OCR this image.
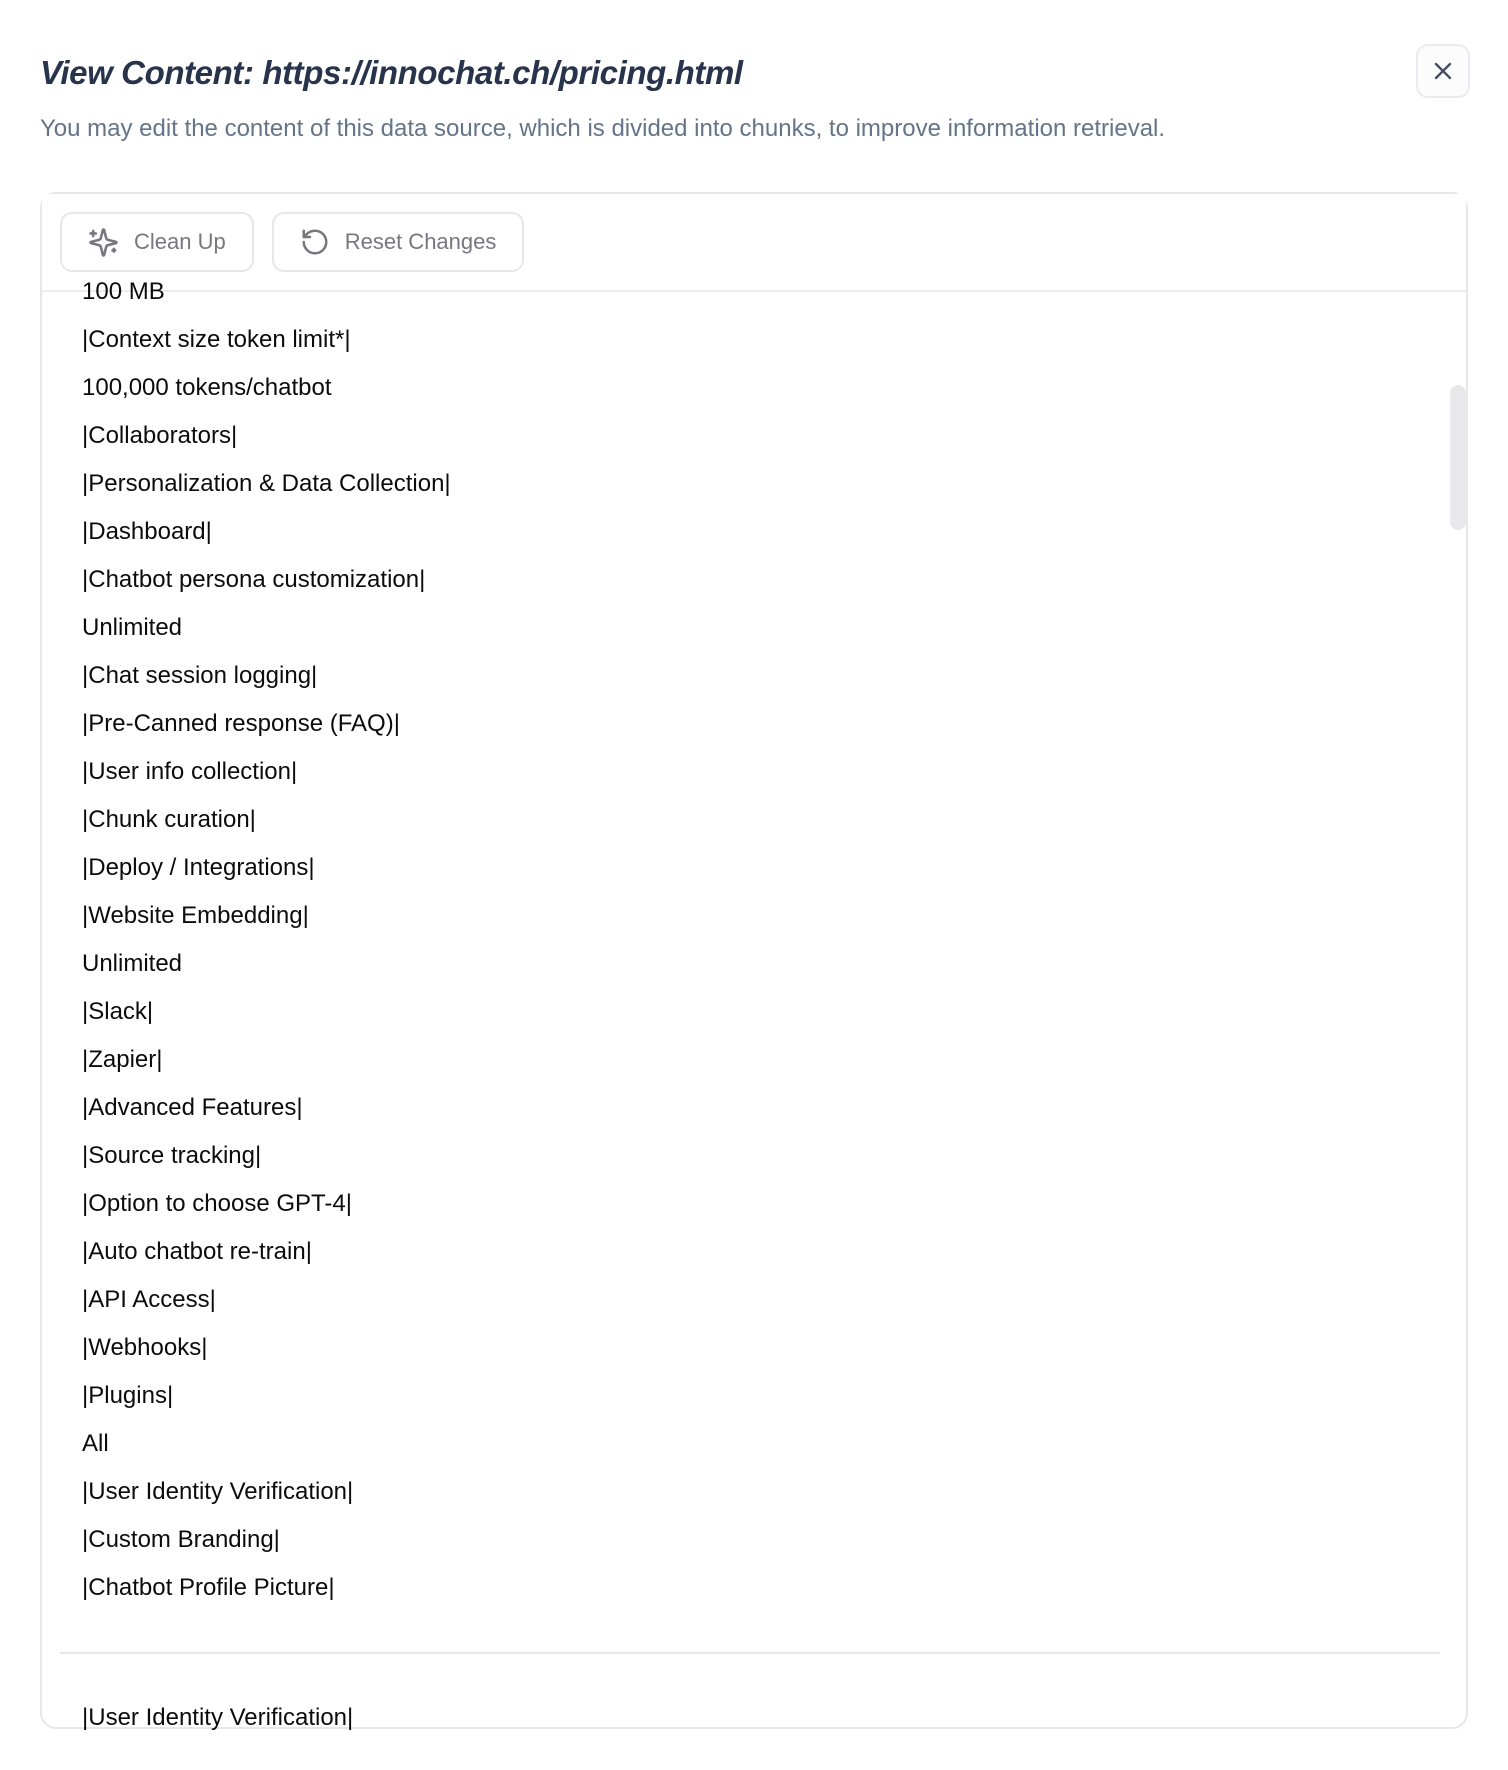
View Content: https://innochat.ch/pricing.html

You may edit the content of this data source, which is divided into chunks, to improve information retrieval.

Clean Up	Reset Changes
100 MB
|Context size token limit*|
100,000 tokens/chatbot
|Collaborators|
|Personalization & Data Collection|
|Dashboard|
|Chatbot persona customization|
Unlimited
|Chat session logging|
|Pre-Canned response (FAQ)|
|User info collection|
|Chunk curation|
|Deploy / Integrations|
|Website Embedding|
Unlimited
|Slack|
|Zapier|
|Advanced Features|
|Source tracking|
|Option to choose GPT-4|
|Auto chatbot re-train|
|API Access|
|Webhooks|
|Plugins|
All
|User Identity Verification|
|Custom Branding|
|Chatbot Profile Picture|
|User Identity Verification|
